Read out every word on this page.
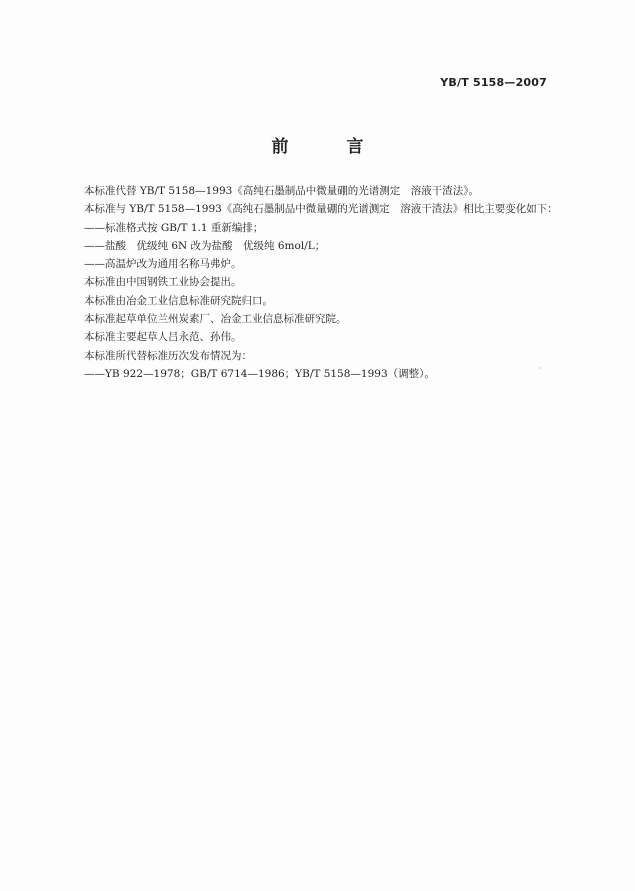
YB/T 5158—2007
前 言
本标准代替 YB/T 5158—1993《高纯石墨制品中微量硼的光谱测定　溶液干渣法》。
本标准与 YB/T 5158—1993《高纯石墨制品中微量硼的光谱测定　溶液干渣法》相比主要变化如下：
——标准格式按 GB/T 1.1 重新编排；
——盐酸　优级纯 6N 改为盐酸　优级纯 6mol/L；
——高温炉改为通用名称马弗炉。
本标准由中国钢铁工业协会提出。
本标准由冶金工业信息标准研究院归口。
本标准起草单位兰州炭素厂、冶金工业信息标准研究院。
本标准主要起草人吕永范、孙伟。
本标准所代替标准历次发布情况为：
——YB 922—1978；GB/T 6714—1986；YB/T 5158—1993（调整）。
